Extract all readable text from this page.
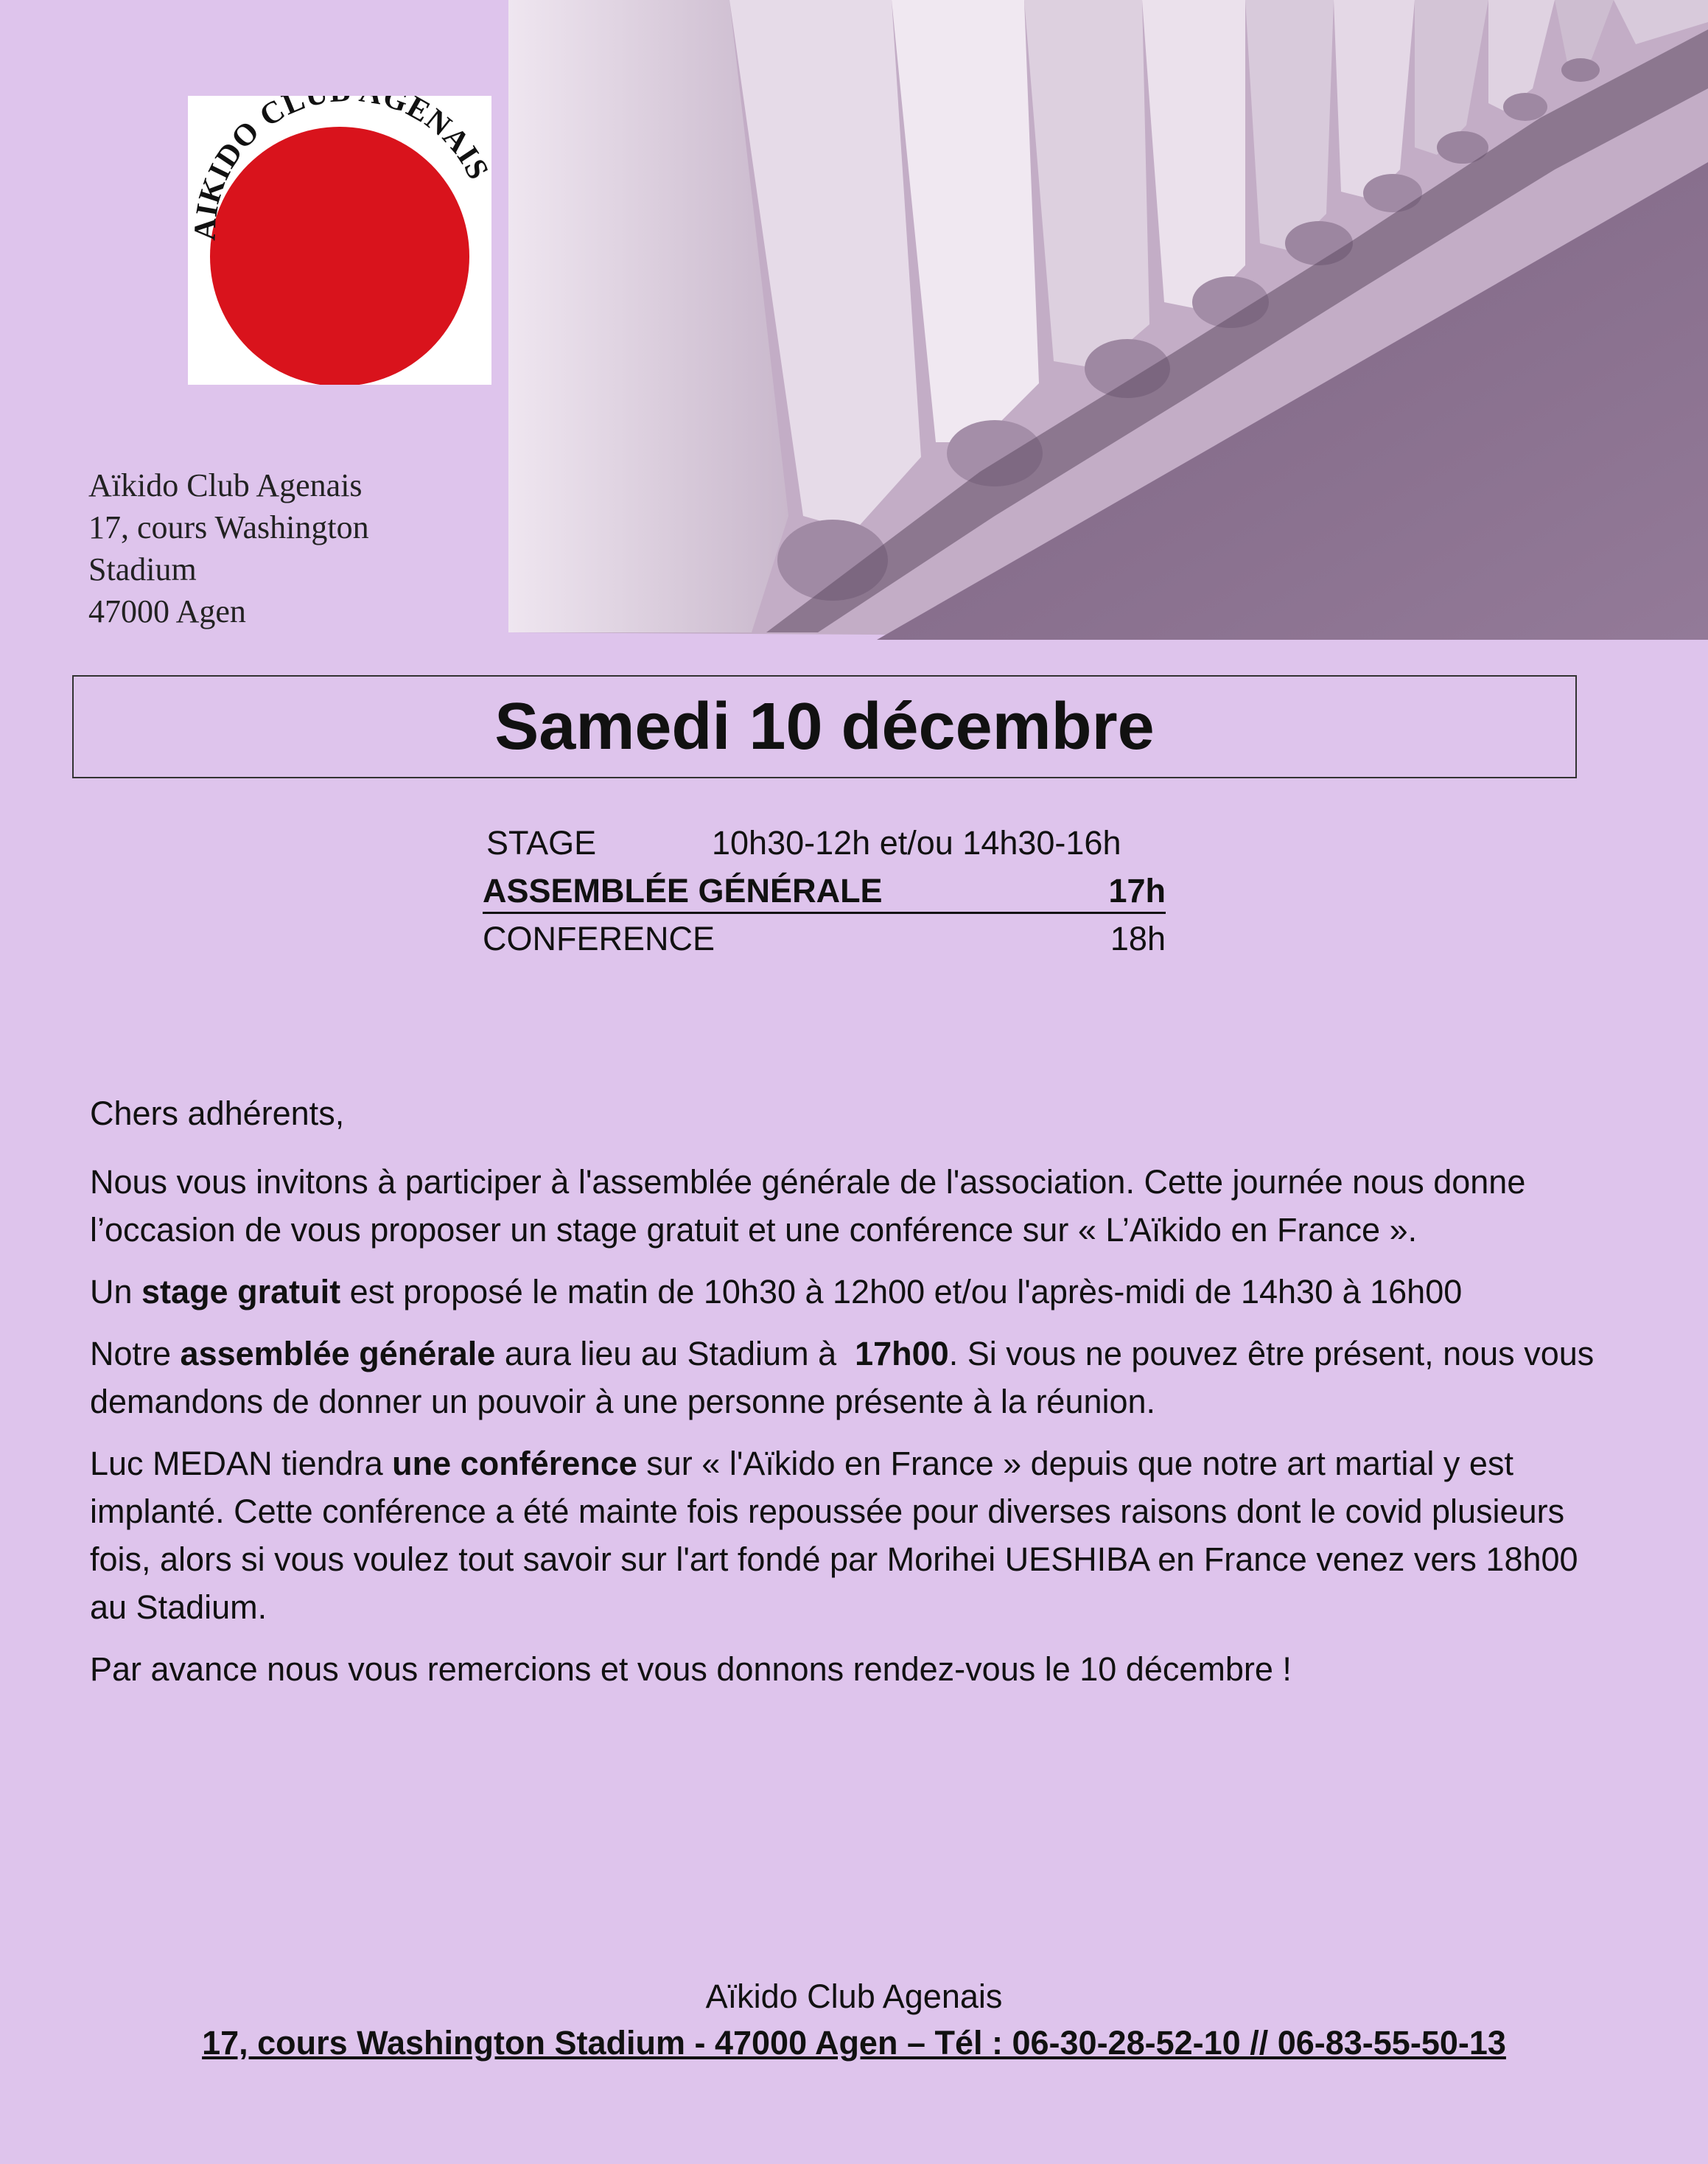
AIKIDO CL GENAIS
Aïkido Club Agenais
17, cours Washington
Stadium
47000 Agen
Samedi 10 décembre
STAGE	10h30-12h et/ou 14h30-16h
ASSEMBLÉE GÉNÉRALE	17h
CONFERENCE	18h

Chers adhérents,

Nous vous invitons à participer à l'assemblée générale de l'association. Cette journée nous donne l’occasion de vous proposer un stage gratuit et une conférence sur « L’Aïkido en France ».

Un stage gratuit est proposé le matin de 10h30 à 12h00 et/ou l'après-midi de 14h30 à 16h00

Notre assemblée générale aura lieu au Stadium à  17h00. Si vous ne pouvez être présent, nous vous demandons de donner un pouvoir à une personne présente à la réunion.

Luc MEDAN tiendra une conférence sur « l'Aïkido en France » depuis que notre art martial y est implanté. Cette conférence a été mainte fois repoussée pour diverses raisons dont le covid plusieurs fois, alors si vous voulez tout savoir sur l'art fondé par Morihei UESHIBA en France venez vers 18h00 au Stadium.

Par avance nous vous remercions et vous donnons rendez-vous le 10 décembre !

Aïkido Club Agenais
17, cours Washington Stadium - 47000 Agen – Tél : 06-30-28-52-10 // 06-83-55-50-13
